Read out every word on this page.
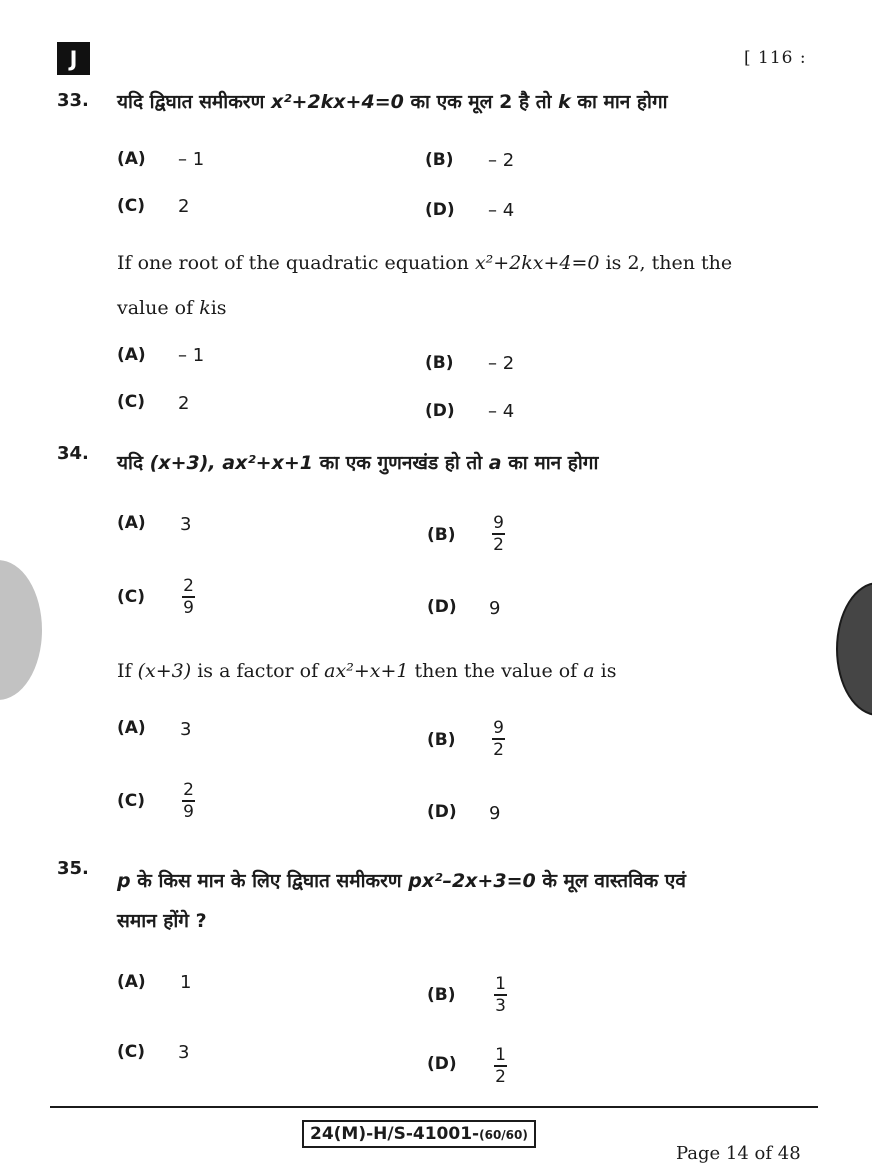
J	[ 116 :
33. यदि द्विघात समीकरण x²+2kx+4=0 का एक मूल 2 है तो k का मान होगा
(A) – 1	(B) – 2
(C) 2	(D) – 4
If one root of the quadratic equation x²+2kx+4=0 is 2, then the
value of kis
(A) – 1	(B) – 2
(C) 2	(D) – 4
34. यदि (x+3), ax²+x+1 का एक गुणनखंड हो तो a का मान होगा
(A) 3	(B)
9
2
(C)
2
9	(D) 9
If (x+3) is a factor of ax²+x+1 then the value of a is
(A) 3	(B)
9
2
(C)
2
9	(D) 9
35.
p के किस मान के लिए द्विघात समीकरण px²–2x+3=0 के मूल वास्तविक एवं
समान होंगे ?
(A) 1
(B)
1
3
(C) 3
(D) 1
2
24(M)-H/S-41001-(60/60)
Page 14 of 48
